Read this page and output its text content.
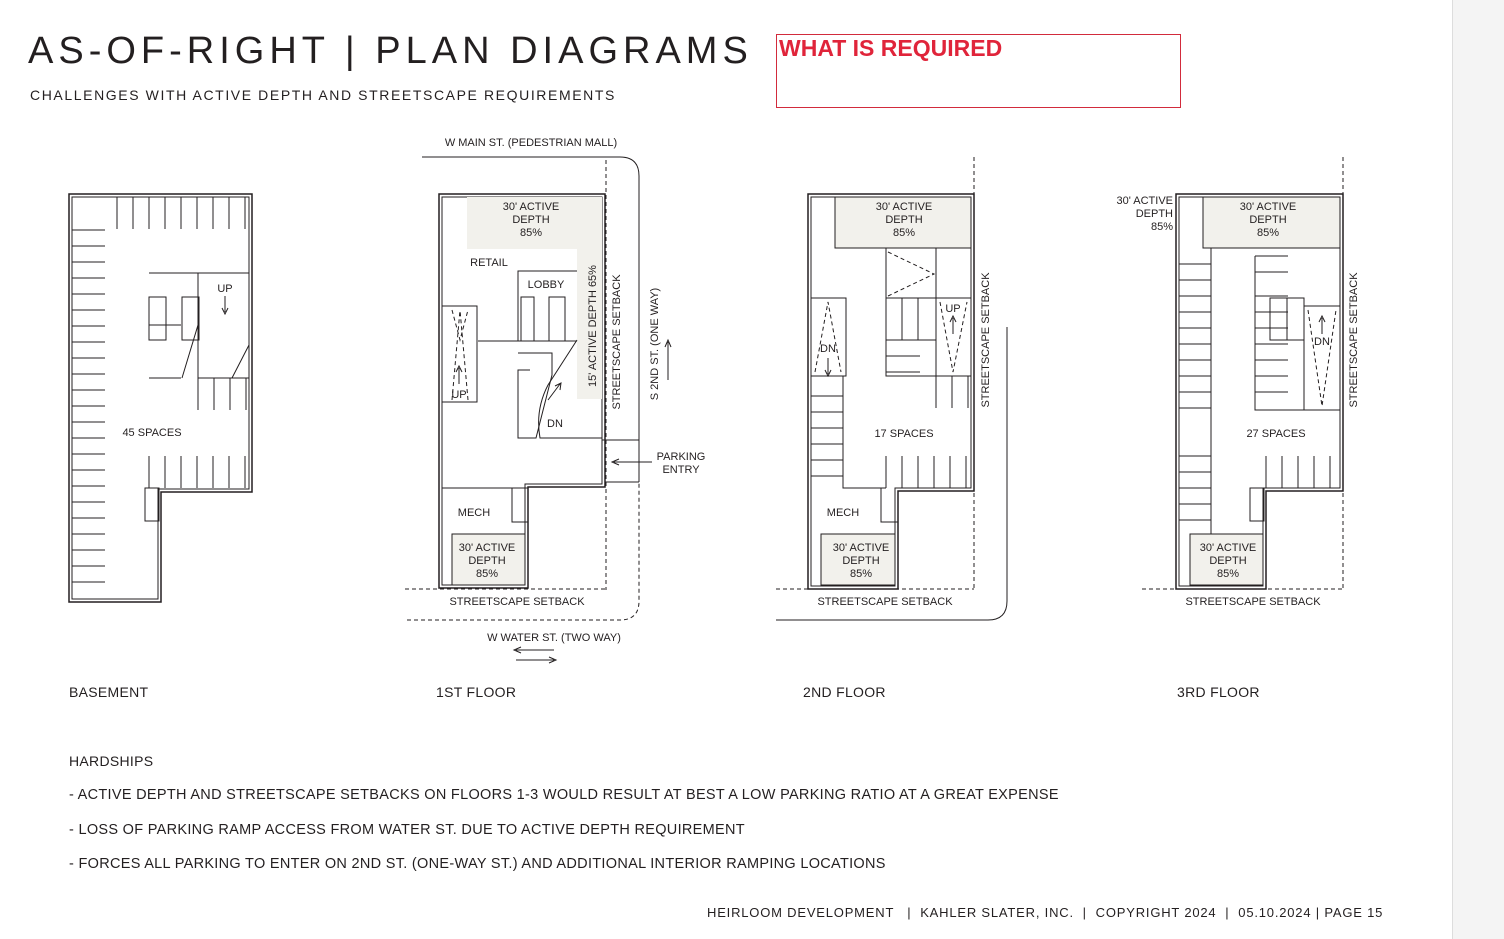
AS-OF-RIGHT | PLAN DIAGRAMS
CHALLENGES WITH ACTIVE DEPTH AND STREETSCAPE REQUIREMENTS
WHAT IS REQUIRED
UP
45 SPACES
W MAIN ST. (PEDESTRIAN MALL)
30' ACTIVE
DEPTH
85%
RETAIL
LOBBY
UP
DN
15' ACTIVE DEPTH 65% STREETSCAPE SETBACK S 2ND ST. (ONE WAY)
PARKING
ENTRY
MECH
30' ACTIVE
DEPTH
85%
STREETSCAPE SETBACK
W WATER ST. (TWO WAY)
30' ACTIVE
DEPTH
85%
UP
DN
17 SPACES
STREETSCAPE SETBACK
MECH
30' ACTIVE
DEPTH
85%
STREETSCAPE SETBACK
30' ACTIVE
DEPTH
85%
30' ACTIVE
DEPTH
85%
DN
27 SPACES
STREETSCAPE SETBACK
30' ACTIVE
DEPTH
85%
STREETSCAPE SETBACK
BASEMENT	1ST FLOOR	2ND FLOOR	3RD FLOOR
HARDSHIPS
- ACTIVE DEPTH AND STREETSCAPE SETBACKS ON FLOORS 1-3 WOULD RESULT AT BEST A LOW PARKING RATIO AT A GREAT EXPENSE
- LOSS OF PARKING RAMP ACCESS FROM WATER ST. DUE TO ACTIVE DEPTH REQUIREMENT
- FORCES ALL PARKING TO ENTER ON 2ND ST. (ONE-WAY ST.) AND ADDITIONAL INTERIOR RAMPING LOCATIONS
HEIRLOOM DEVELOPMENT   |  KAHLER SLATER, INC.  |  COPYRIGHT 2024  |  05.10.2024 | PAGE 15
